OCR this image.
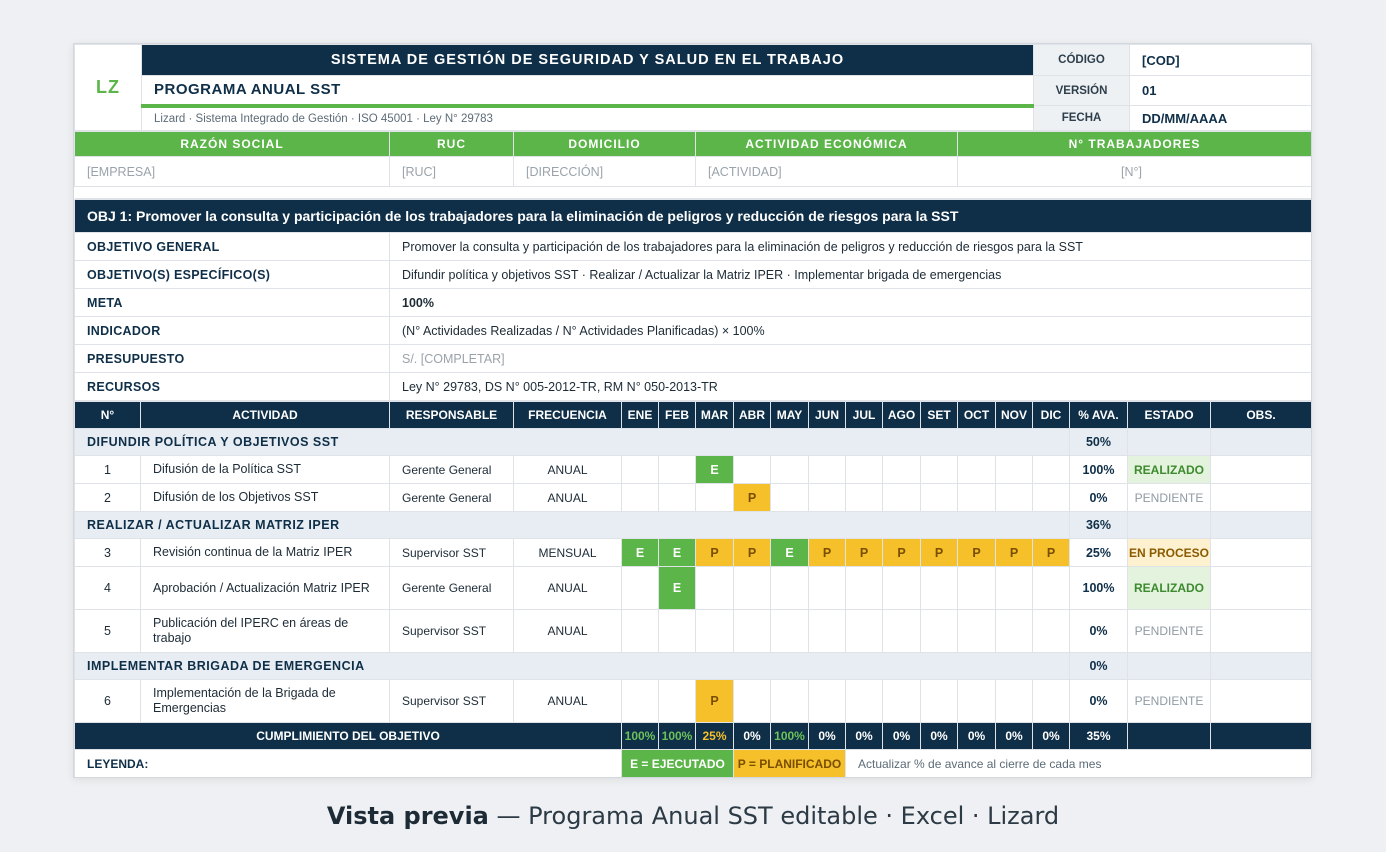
LZ	SISTEMA DE GESTIÓN DE SEGURIDAD Y SALUD EN EL TRABAJO	CÓDIGO	[COD]
	PROGRAMA ANUAL SST	VERSIÓN	01
	Lizard · Sistema Integrado de Gestión · ISO 45001 · Ley N° 29783	FECHA	DD/MM/AAAA
RAZÓN SOCIAL	RUC	DOMICILIO	ACTIVIDAD ECONÓMICA	N° TRABAJADORES
[EMPRESA]	[RUC]	[DIRECCIÓN]	[ACTIVIDAD]	[N°]

OBJ 1: Promover la consulta y participación de los trabajadores para la eliminación de peligros y reducción de riesgos para la SST	
OBJETIVO GENERAL	Promover la consulta y participación de los trabajadores para la eliminación de peligros y reducción de riesgos para la SST
OBJETIVO(S) ESPECÍFICO(S)	Difundir política y objetivos SST · Realizar / Actualizar la Matriz IPER · Implementar brigada de emergencias
META	100%
INDICADOR	(N° Actividades Realizadas / N° Actividades Planificadas) × 100%
PRESUPUESTO	S/. [COMPLETAR]
RECURSOS	Ley N° 29783, DS N° 005-2012-TR, RM N° 050-2013-TR
N°	ACTIVIDAD	RESPONSABLE	FRECUENCIA	ENE	FEB	MAR	ABR	MAY	JUN	JUL	AGO	SET	OCT	NOV	DIC	% AVA.	ESTADO	OBS.
DIFUNDIR POLÍTICA Y OBJETIVOS SST																50%		
1	Difusión de la Política SST	Gerente General	ANUAL			E										100%	REALIZADO	
2	Difusión de los Objetivos SST	Gerente General	ANUAL				P									0%	PENDIENTE	
REALIZAR / ACTUALIZAR MATRIZ IPER																36%		
3	Revisión continua de la Matriz IPER	Supervisor SST	MENSUAL	E	E	P	P	E	P	P	P	P	P	P	P	25%	EN PROCESO	
4	Aprobación / Actualización Matriz IPER	Gerente General	ANUAL		E											100%	REALIZADO	
5	Publicación del IPERC en áreas de trabajo	Supervisor SST	ANUAL													0%	PENDIENTE	
IMPLEMENTAR BRIGADA DE EMERGENCIA																0%		
6	Implementación de la Brigada de Emergencias	Supervisor SST	ANUAL			P										0%	PENDIENTE	
CUMPLIMIENTO DEL OBJETIVO				100%	100%	25%	0%	100%	0%	0%	0%	0%	0%	0%	0%	35%		
LEYENDA:				E = EJECUTADO			P = PLANIFICADO			Actualizar % de avance al cierre de cada mes								
Vista previa — Programa Anual SST editable · Excel · Lizard
